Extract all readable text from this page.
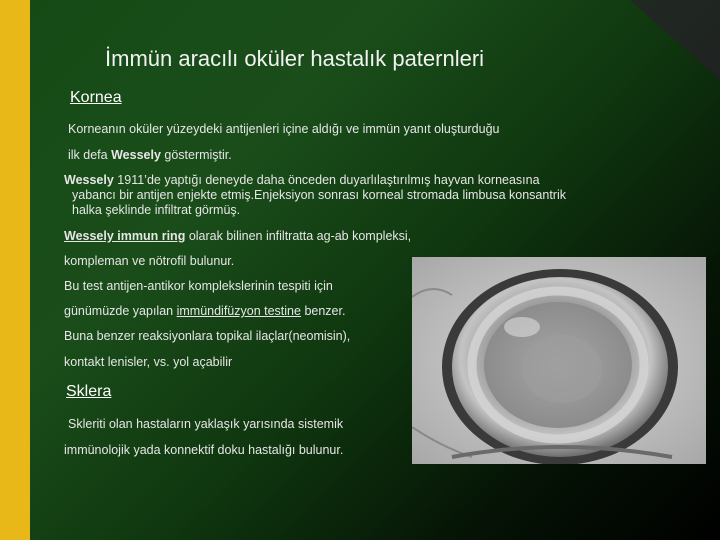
İmmün aracılı oküler hastalık paternleri
Kornea
Korneanın oküler yüzeydeki antijenleri içine aldığı ve immün yanıt oluşturduğu
ilk defa Wessely göstermiştir.
Wessely 1911’de yaptığı deneyde daha önceden duyarlılaştırılmış hayvan korneasına
yabancı bir antijen enjekte etmiş.Enjeksiyon sonrası korneal stromada limbusa konsantrik
halka şeklinde infiltrat görmüş.
Wessely immun ring olarak bilinen infiltratta ag-ab kompleksi,
kompleman ve nötrofil bulunur.
Bu test antijen-antikor komplekslerinin tespiti için
günümüzde yapılan immündifüzyon testine benzer.
Buna benzer reaksiyonlara topikal ilaçlar(neomisin),
kontakt lenisler, vs. yol açabilir
Sklera
Skleriti olan hastaların yaklaşık yarısında sistemik
immünolojik yada konnektif doku hastalığı bulunur.
